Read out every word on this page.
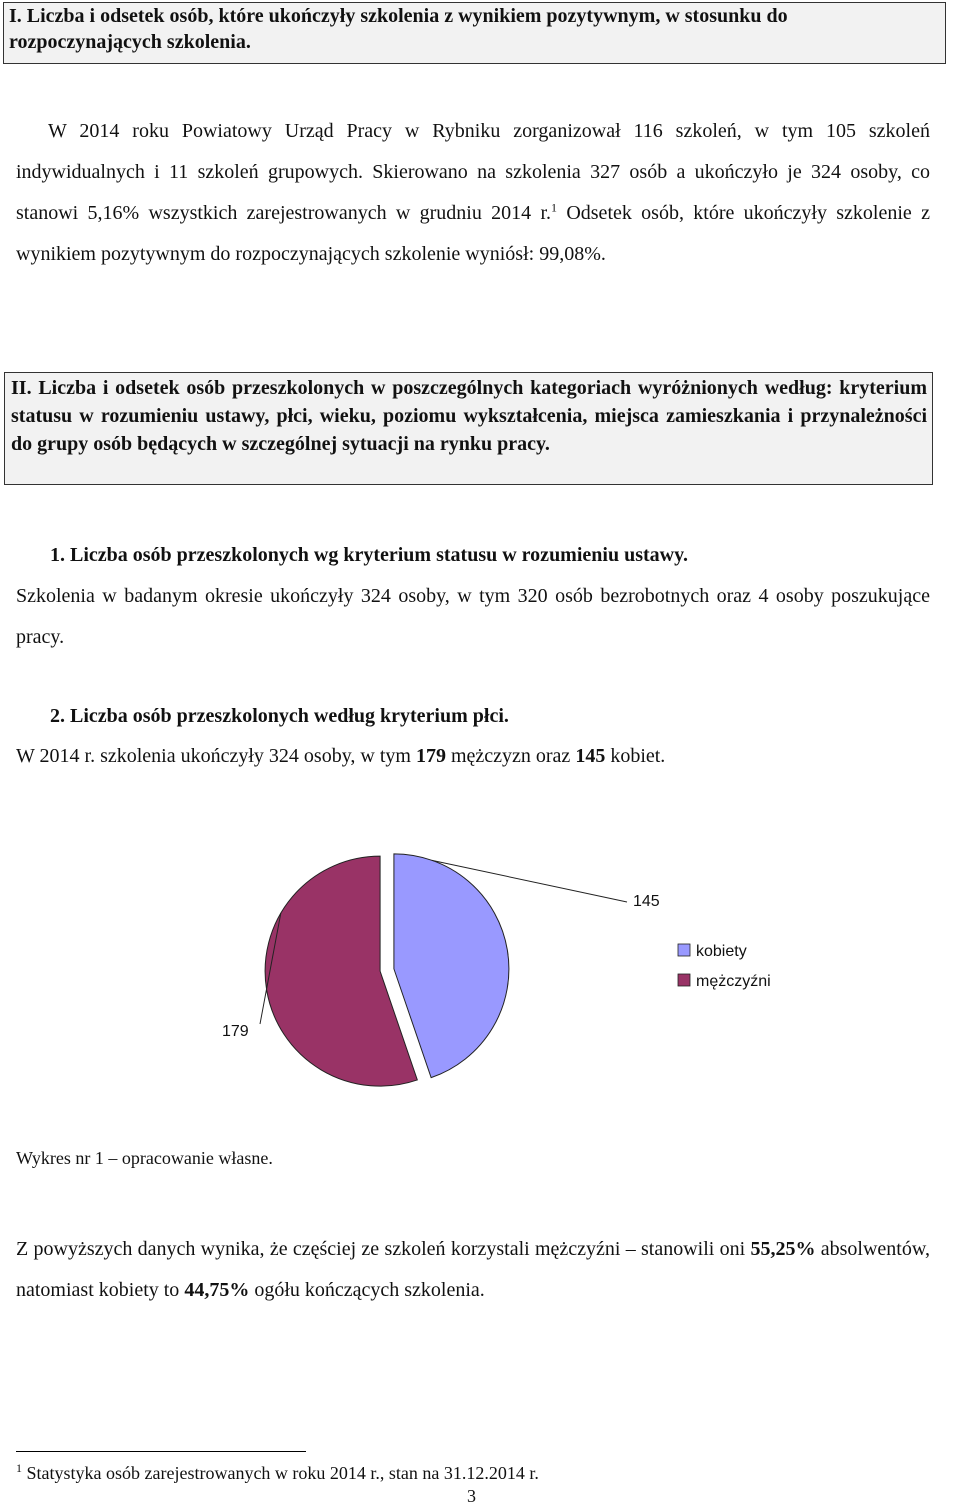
I. Liczba i odsetek osób, które ukończyły szkolenia z wynikiem pozytywnym, w stosunku do rozpoczynających szkolenia.
W 2014 roku Powiatowy Urząd Pracy w Rybniku zorganizował 116 szkoleń, w tym 105 szkoleń indywidualnych i 11 szkoleń grupowych. Skierowano na szkolenia 327 osób a ukończyło je 324 osoby, co stanowi 5,16% wszystkich zarejestrowanych w grudniu 2014 r.$^1$ Odsetek osób, które ukończyły szkolenie z wynikiem pozytywnym do rozpoczynających szkolenie wyniósł: 99,08%.
II. Liczba i odsetek osób przeszkolonych w poszczególnych kategoriach wyróżnionych według: kryterium statusu w rozumieniu ustawy, płci, wieku, poziomu wykształcenia, miejsca zamieszkania i przynależności do grupy osób będących w szczególnej sytuacji na rynku pracy.
1. Liczba osób przeszkolonych wg kryterium statusu w rozumieniu ustawy.
Szkolenia w badanym okresie ukończyły 324 osoby, w tym 320 osób bezrobotnych oraz 4 osoby poszukujące pracy.
2. Liczba osób przeszkolonych według kryterium płci.
W 2014 r. szkolenia ukończyły 324 osoby, w tym 179 mężczyzn oraz 145 kobiet.
145
179
kobiety
mężczyźni
Wykres nr 1 – opracowanie własne.
Z powyższych danych wynika, że częściej ze szkoleń korzystali mężczyźni – stanowili oni 55,25% absolwentów, natomiast kobiety to 44,75% ogółu kończących szkolenia.
$^1$ Statystyka osób zarejestrowanych w roku 2014 r., stan na 31.12.2014 r.
3
